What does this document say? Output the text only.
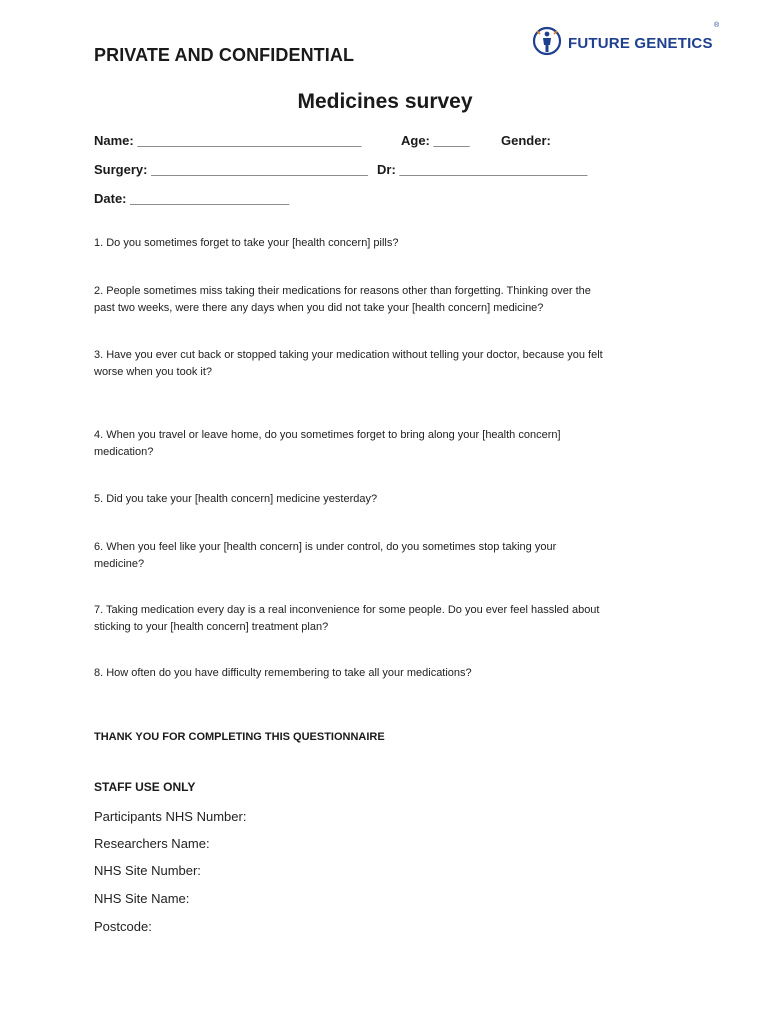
PRIVATE AND CONFIDENTIAL
FUTURE GENETICS
®
Medicines survey
Name: _______________________________	Age: _____ Gender:
Surgery: ______________________________ Dr: __________________________
Date: ______________________
1. Do you sometimes forget to take your [health concern] pills?
2. People sometimes miss taking their medications for reasons other than forgetting. Thinking over the
past two weeks, were there any days when you did not take your [health concern] medicine?
3. Have you ever cut back or stopped taking your medication without telling your doctor, because you felt
worse when you took it?
4. When you travel or leave home, do you sometimes forget to bring along your [health concern]
medication?
5. Did you take your [health concern] medicine yesterday?
6. When you feel like your [health concern] is under control, do you sometimes stop taking your
medicine?
7. Taking medication every day is a real inconvenience for some people. Do you ever feel hassled about
sticking to your [health concern] treatment plan?
8. How often do you have difficulty remembering to take all your medications?
THANK YOU FOR COMPLETING THIS QUESTIONNAIRE
STAFF USE ONLY
Participants NHS Number:
Researchers Name:
NHS Site Number:
NHS Site Name:
Postcode:
